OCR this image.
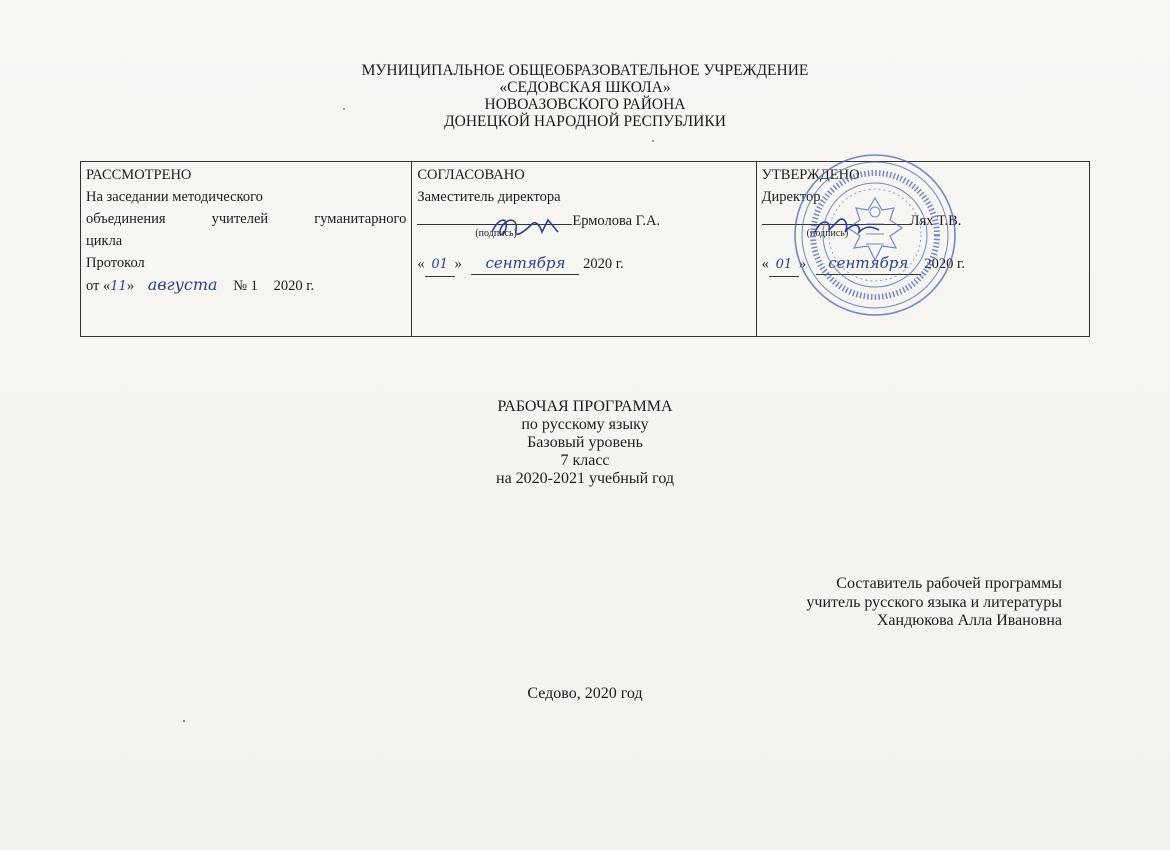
МУНИЦИПАЛЬНОЕ ОБЩЕОБРАЗОВАТЕЛЬНОЕ УЧРЕЖДЕНИЕ
«СЕДОВСКАЯ ШКОЛА»
НОВОАЗОВСКОГО РАЙОНА
ДОНЕЦКОЙ НАРОДНОЙ РЕСПУБЛИКИ
РАССМОТРЕНО
На заседании методического
объединения учителей гуманитарного
цикла
Протокол
от «11» августа № 1 2020 г.
СОГЛАСОВАНО
Заместитель директора
Ермолова Г.А.
(подпись)
« 01 » сентября 2020 г.
УТВЕРЖДЕНО
Директор
Лях Т.В.
(подпись)
« 01 » сентября 2020 г.
РАБОЧАЯ ПРОГРАММА
по русскому языку
Базовый уровень
7 класс
на 2020-2021 учебный год
Составитель рабочей программы
учитель русского языка и литературы
Хандюкова Алла Ивановна
Седово, 2020 год
